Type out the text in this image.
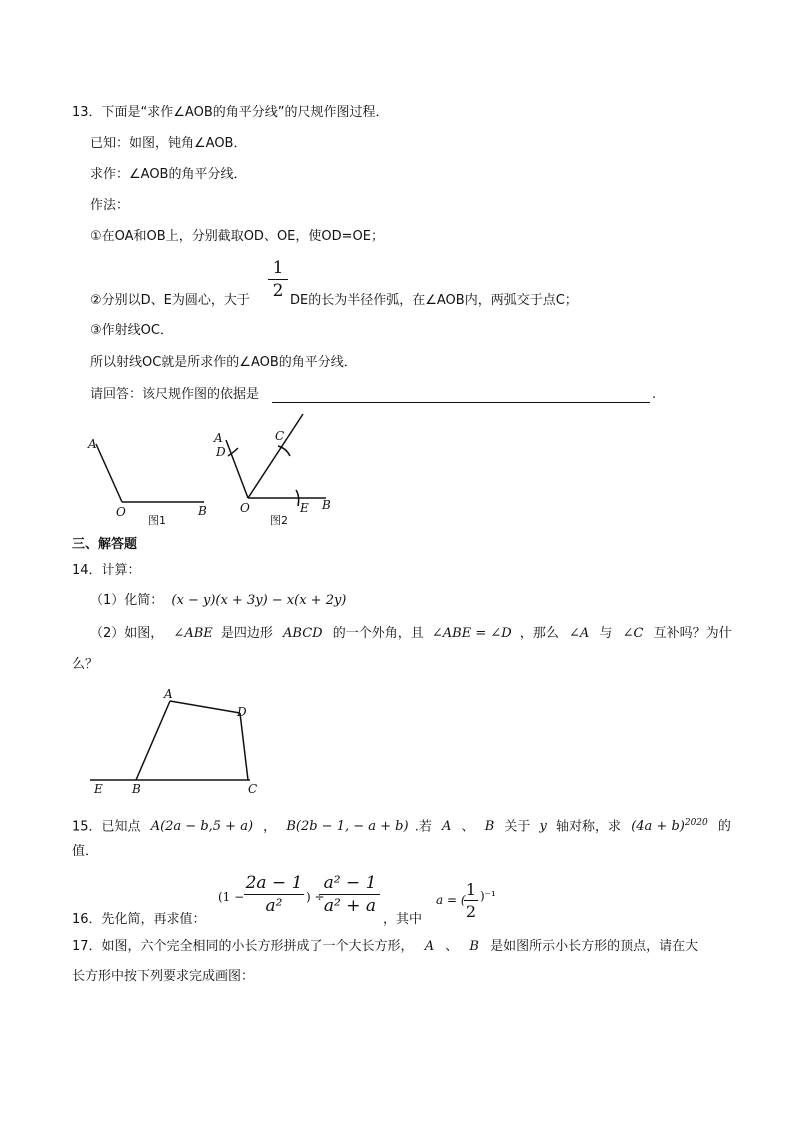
13．下面是“求作∠AOB的角平分线”的尺规作图过程．
已知：如图，钝角∠AOB．
求作：∠AOB的角平分线．
作法：
①在OA和OB上，分别截取OD、OE，使OD=OE；
1
2
②分别以D、E为圆心，大于	DE的长为半径作弧，在∠AOB内，两弧交于点C；
③作射线OC．
所以射线OC就是所求作的∠AOB的角平分线．
请回答：该尺规作图的依据是	.
A
O	B
图1
A
D
C
O	E B
图2
三、解答题
14．计算：
（1）化简： (x − y)(x + 3y) − x(x + 2y)
（2）如图， ∠ABE 是四边形 ABCD 的一个外角，且 ∠ABE = ∠D ，那么 ∠A 与 ∠C 互补吗？为什
么？
A
D
E B	C
15．已知点 A(2a − b,5 + a) ， B(2b − 1, − a + b) .若 A 、 B 关于 y 轴对称，求 $(4a + b)^{2020}$ 的
值．
(1 −
2a − 1
a²	) ÷
a² − 1
a² + a
16．先化简，再求值：	，其中
a = (
1
2
)⁻¹
17．如图，六个完全相同的小长方形拼成了一个大长方形， A 、 B 是如图所示小长方形的顶点，请在大
长方形中按下列要求完成画图：
